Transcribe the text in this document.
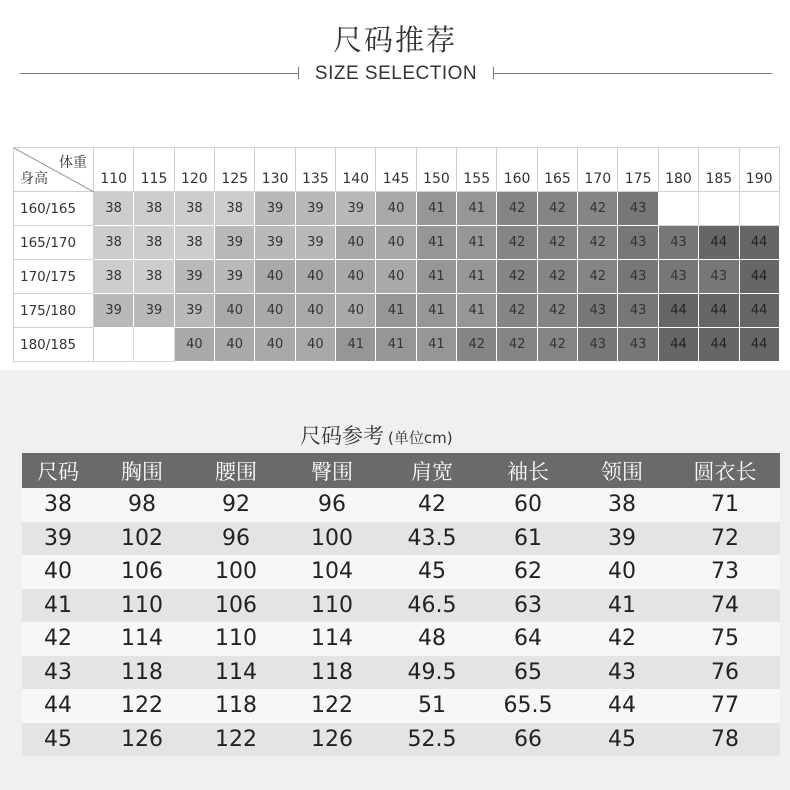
尺码推荐
SIZE SELECTION
体重
身高	110	115	120	125	130	135	140	145	150	155	160	165	170	175	180	185	190
160/165	38	38	38	38	39	39	39	40	41	41	42	42	42	43			
165/170	38	38	38	39	39	39	40	40	41	41	42	42	42	43	43	44	44
170/175	38	38	39	39	40	40	40	40	41	41	42	42	42	43	43	43	44
175/180	39	39	39	40	40	40	40	41	41	41	42	42	43	43	44	44	44
180/185			40	40	40	40	41	41	41	42	42	42	43	43	44	44	44
尺码参考 (单位cm)
尺码	胸围	腰围	臀围	肩宽	袖长	领围	圆衣长
38	98	92	96	42	60	38	71
39	102	96	100	43.5	61	39	72
40	106	100	104	45	62	40	73
41	110	106	110	46.5	63	41	74
42	114	110	114	48	64	42	75
43	118	114	118	49.5	65	43	76
44	122	118	122	51	65.5	44	77
45	126	122	126	52.5	66	45	78
